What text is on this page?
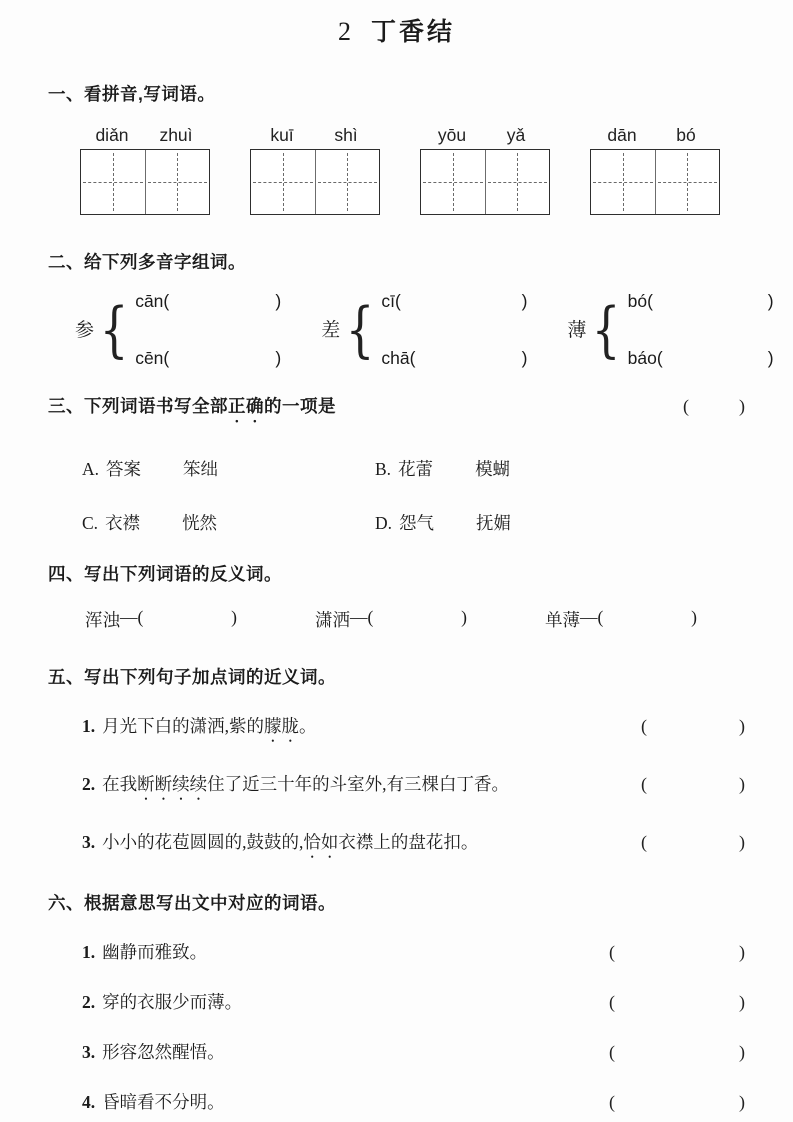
2 丁香结
一、看拼音,写词语。
diǎn	zhuì	kuī	shì	yōu	yǎ	dān	bó
二、给下列多音字组词。
参 { cān (	)
cēn (	)
差 { cī (	)
chā (	)
薄 { bó (	)
báo (	)
三、下列词语书写全部正确的一项是	(	)
A. 答案 笨绌	B. 花蕾 模蝴
C. 衣襟 恍然	D. 怨气 抚媚
四、写出下列词语的反义词。
浑浊 — (	)	潇洒 — (	)	单薄 — (	)
五、写出下列句子加点词的近义词。
1. 月光下白的潇洒,紫的朦胧。	(	)
2. 在我断断续续住了近三十年的斗室外,有三棵白丁香。	(	)
3. 小小的花苞圆圆的,鼓鼓的,恰如衣襟上的盘花扣。	(	)
六、根据意思写出文中对应的词语。
1. 幽静而雅致。	(	)
2. 穿的衣服少而薄。	(	)
3. 形容忽然醒悟。	(	)
4. 昏暗看不分明。	(	)
